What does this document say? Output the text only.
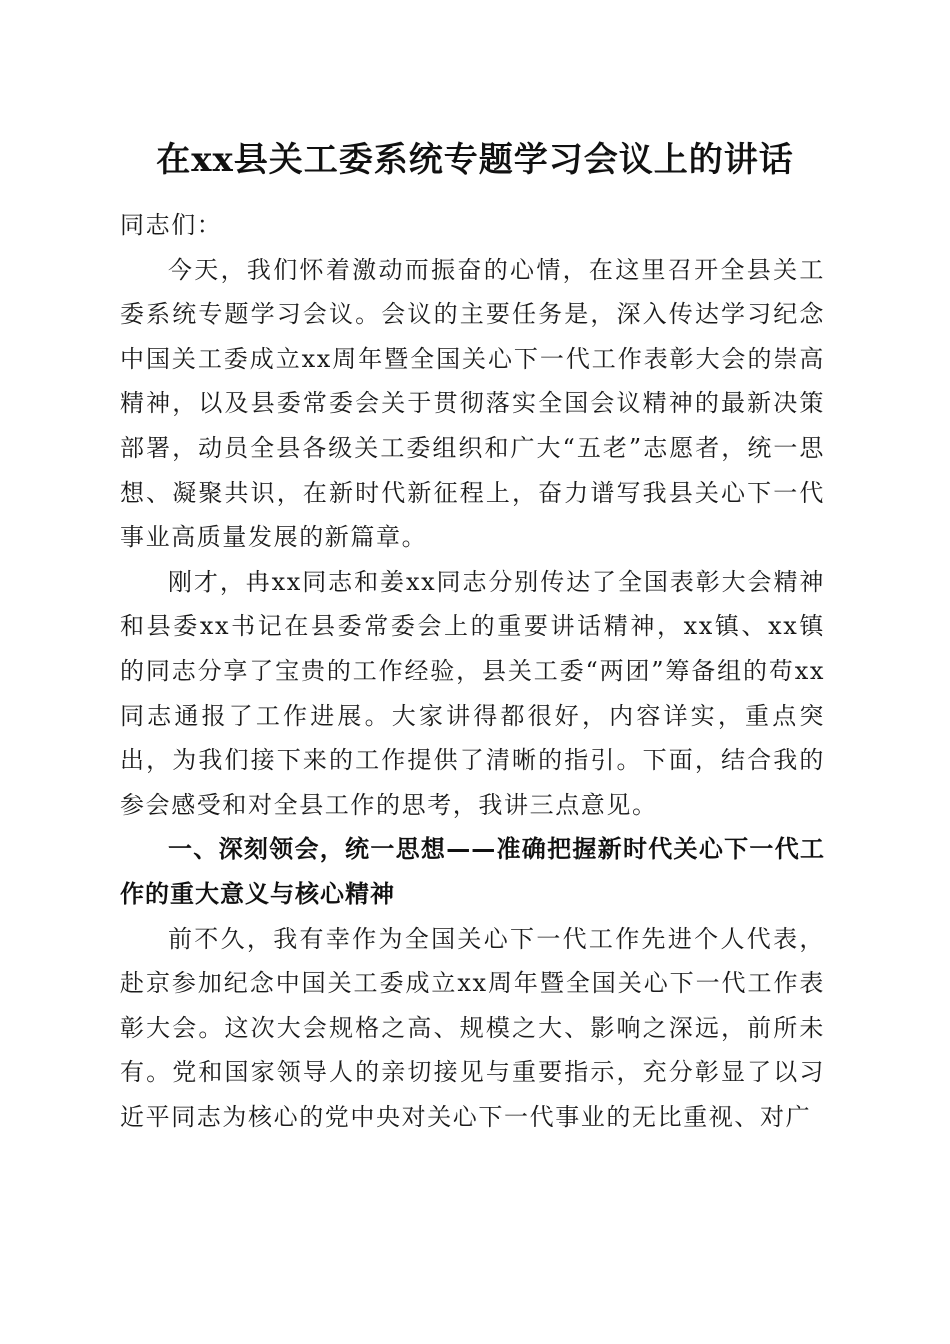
在xx县关工委系统专题学习会议上的讲话

同志们：

今天，我们怀着激动而振奋的心情，在这里召开全县关工委系统专题学习会议。会议的主要任务是，深入传达学习纪念中国关工委成立xx周年暨全国关心下一代工作表彰大会的崇高精神，以及县委常委会关于贯彻落实全国会议精神的最新决策部署，动员全县各级关工委组织和广大“五老”志愿者，统一思想、凝聚共识，在新时代新征程上，奋力谱写我县关心下一代事业高质量发展的新篇章。

刚才，冉xx同志和姜xx同志分别传达了全国表彰大会精神和县委xx书记在县委常委会上的重要讲话精神，xx镇、xx镇的同志分享了宝贵的工作经验，县关工委“两团”筹备组的苟xx同志通报了工作进展。大家讲得都很好，内容详实，重点突出，为我们接下来的工作提供了清晰的指引。下面，结合我的参会感受和对全县工作的思考，我讲三点意见。

一、深刻领会，统一思想——准确把握新时代关心下一代工作的重大意义与核心精神

前不久，我有幸作为全国关心下一代工作先进个人代表，赴京参加纪念中国关工委成立xx周年暨全国关心下一代工作表彰大会。这次大会规格之高、规模之大、影响之深远，前所未有。党和国家领导人的亲切接见与重要指示，充分彰显了以习近平同志为核心的党中央对关心下一代事业的无比重视、对广
